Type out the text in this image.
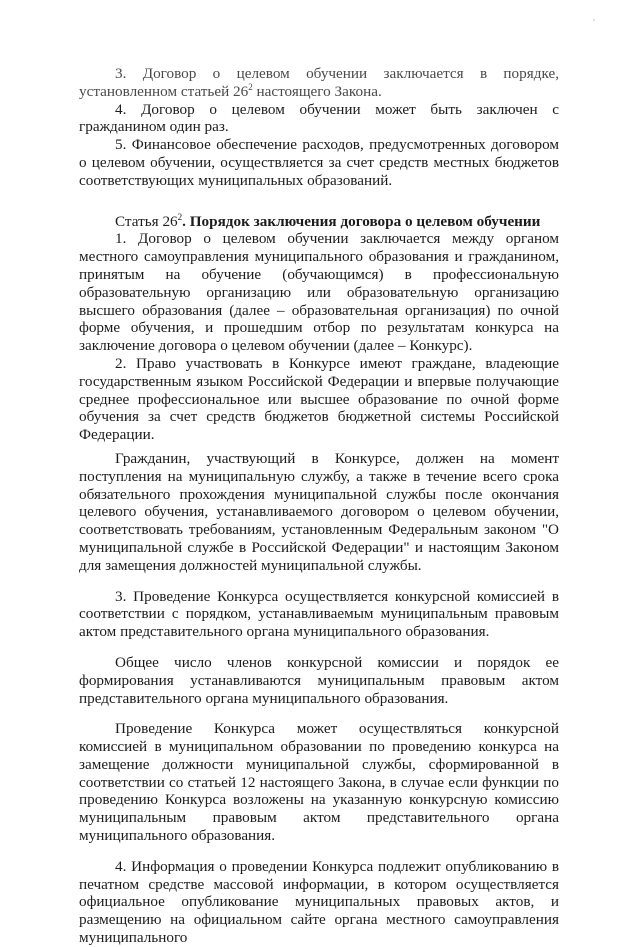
'

3. Договор о целевом обучении заключается в порядке, установленном статьей $26^2$ настоящего Закона.

4. Договор о целевом обучении может быть заключен с гражданином один раз.

5. Финансовое обеспечение расходов, предусмотренных договором о целевом обучении, осуществляется за счет средств местных бюджетов соответствующих муниципальных образований.

Статья $26^2$. Порядок заключения договора о целевом обучении

1. Договор о целевом обучении заключается между органом местного самоуправления муниципального образования и гражданином, принятым на обучение (обучающимся) в профессиональную образовательную организацию или образовательную организацию высшего образования (далее – образовательная организация) по очной форме обучения, и прошедшим отбор по результатам конкурса на заключение договора о целевом обучении (далее – Конкурс).

2. Право участвовать в Конкурсе имеют граждане, владеющие государственным языком Российской Федерации и впервые получающие среднее профессиональное или высшее образование по очной форме обучения за счет средств бюджетов бюджетной системы Российской Федерации.

Гражданин, участвующий в Конкурсе, должен на момент поступления на муниципальную службу, а также в течение всего срока обязательного прохождения муниципальной службы после окончания целевого обучения, устанавливаемого договором о целевом обучении, соответствовать требованиям, установленным Федеральным законом "О муниципальной службе в Российской Федерации" и настоящим Законом для замещения должностей муниципальной службы.

3. Проведение Конкурса осуществляется конкурсной комиссией в соответствии с порядком, устанавливаемым муниципальным правовым актом представительного органа муниципального образования.

Общее число членов конкурсной комиссии и порядок ее формирования устанавливаются муниципальным правовым актом представительного органа муниципального образования.

Проведение Конкурса может осуществляться конкурсной комиссией в муниципальном образовании по проведению конкурса на замещение должности муниципальной службы, сформированной в соответствии со статьей 12 настоящего Закона, в случае если функции по проведению Конкурса возложены на указанную конкурсную комиссию муниципальным правовым актом представительного органа муниципального образования.

4. Информация о проведении Конкурса подлежит опубликованию в печатном средстве массовой информации, в котором осуществляется официальное опубликование муниципальных правовых актов, и размещению на официальном сайте органа местного самоуправления муниципального
